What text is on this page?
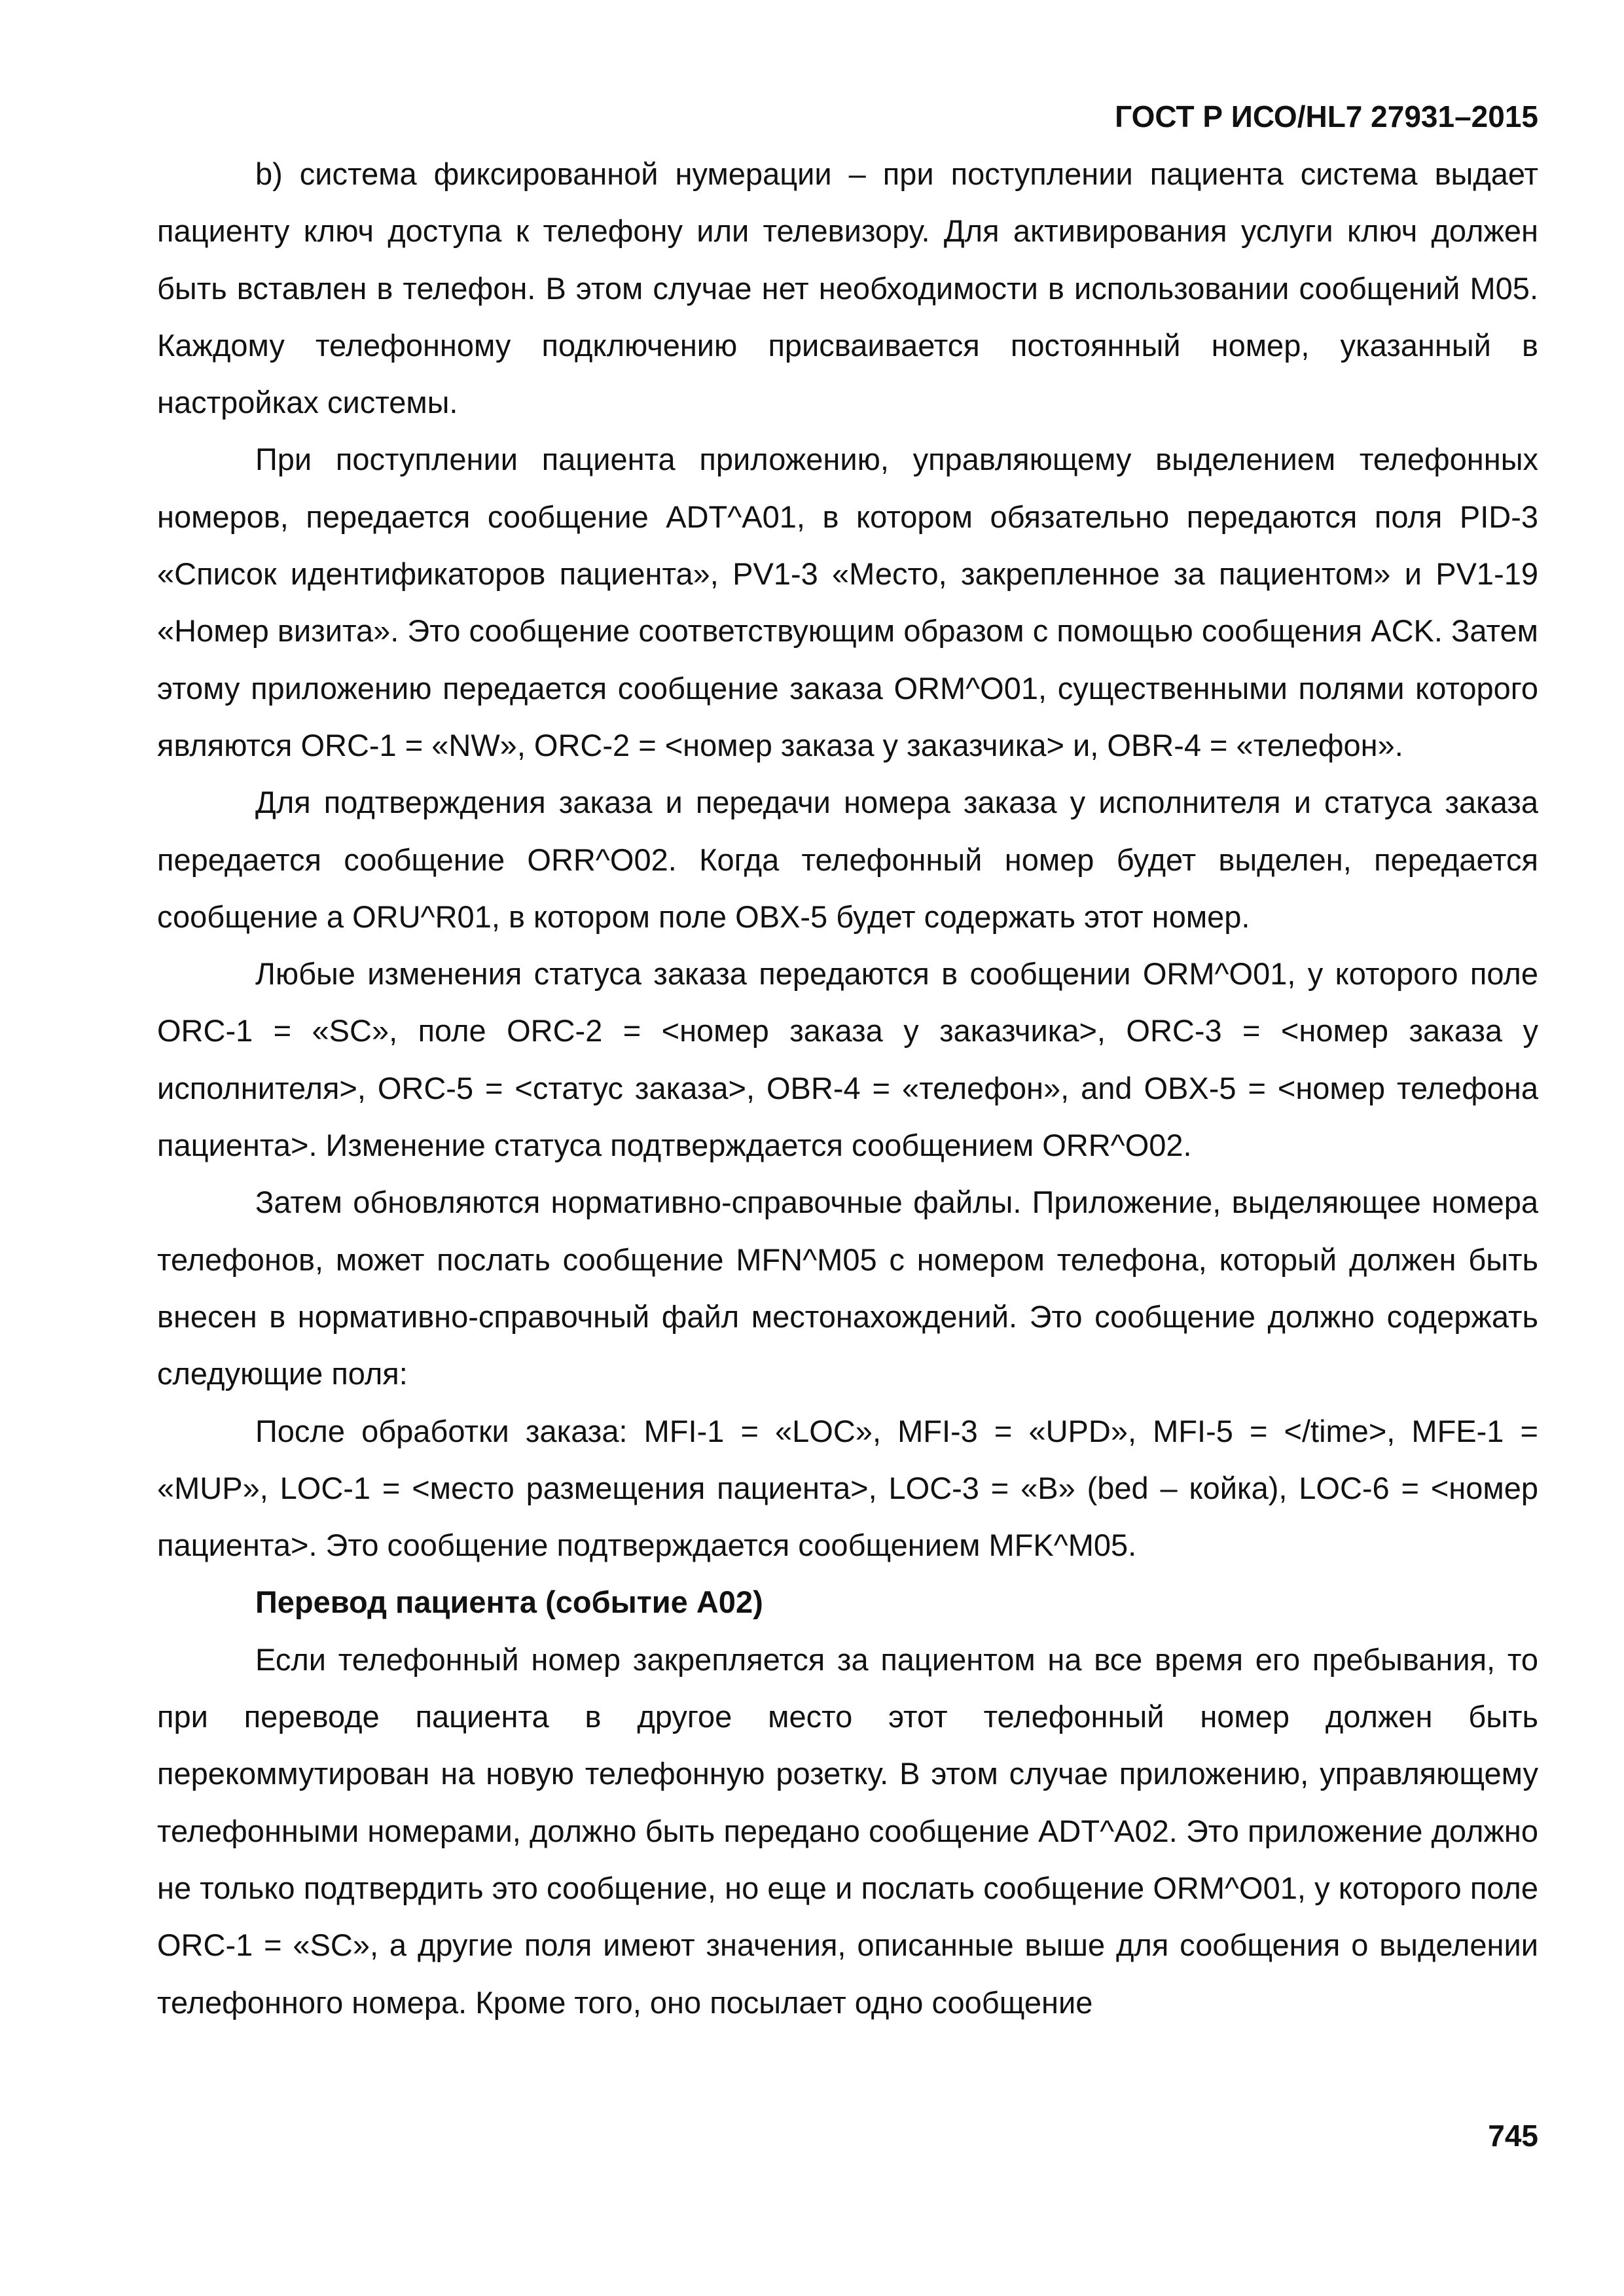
ГОСТ Р ИСО/HL7 27931–2015

b) система фиксированной нумерации – при поступлении пациента система выдает пациенту ключ доступа к телефону или телевизору. Для активирования услуги ключ должен быть вставлен в телефон. В этом случае нет необходимости в использовании сообщений M05. Каждому телефонному подключению присваивается постоянный номер, указанный в настройках системы.

При поступлении пациента приложению, управляющему выделением телефонных номеров, передается сообщение ADT^A01, в котором обязательно передаются поля PID-3 «Список идентификаторов пациента», PV1-3 «Место, закрепленное за пациентом» и PV1-19 «Номер визита». Это сообщение соответствующим образом с помощью сообщения ACK. Затем этому приложению передается сообщение заказа ORM^O01, существенными полями которого являются ORC-1 = «NW», ORC-2 = <номер заказа у заказчика> и, OBR-4 = «телефон».

Для подтверждения заказа и передачи номера заказа у исполнителя и статуса заказа передается сообщение ORR^O02. Когда телефонный номер будет выделен, передается сообщение а ORU^R01, в котором поле OBX-5 будет содержать этот номер.

Любые изменения статуса заказа передаются в сообщении ORM^O01, у которого поле ORC-1 = «SC», поле ORC-2 = <номер заказа у заказчика>, ORC-3 = <номер заказа у исполнителя>, ORC-5 = <статус заказа>, OBR-4 = «телефон», and OBX-5 = <номер телефона пациента>. Изменение статуса подтверждается сообщением ORR^O02.

Затем обновляются нормативно-справочные файлы. Приложение, выделяющее номера телефонов, может послать сообщение MFN^M05 с номером телефона, который должен быть внесен в нормативно-справочный файл местонахождений. Это сообщение должно содержать следующие поля:

После обработки заказа: MFI-1 = «LOC», MFI-3 = «UPD», MFI-5 = </time>, MFE-1 = «MUP», LOC-1 = <место размещения пациента>, LOC-3 = «B» (bed – койка), LOC-6 = <номер пациента>. Это сообщение подтверждается сообщением MFK^M05.

Перевод пациента (событие A02)

Если телефонный номер закрепляется за пациентом на все время его пребывания, то при переводе пациента в другое место этот телефонный номер должен быть перекоммутирован на новую телефонную розетку. В этом случае приложению, управляющему телефонными номерами, должно быть передано сообщение ADT^A02. Это приложение должно не только подтвердить это сообщение, но еще и послать сообщение ORM^O01, у которого поле ORC-1 = «SC», а другие поля имеют значения, описанные выше для сообщения о выделении телефонного номера. Кроме того, оно посылает одно сообщение

745
